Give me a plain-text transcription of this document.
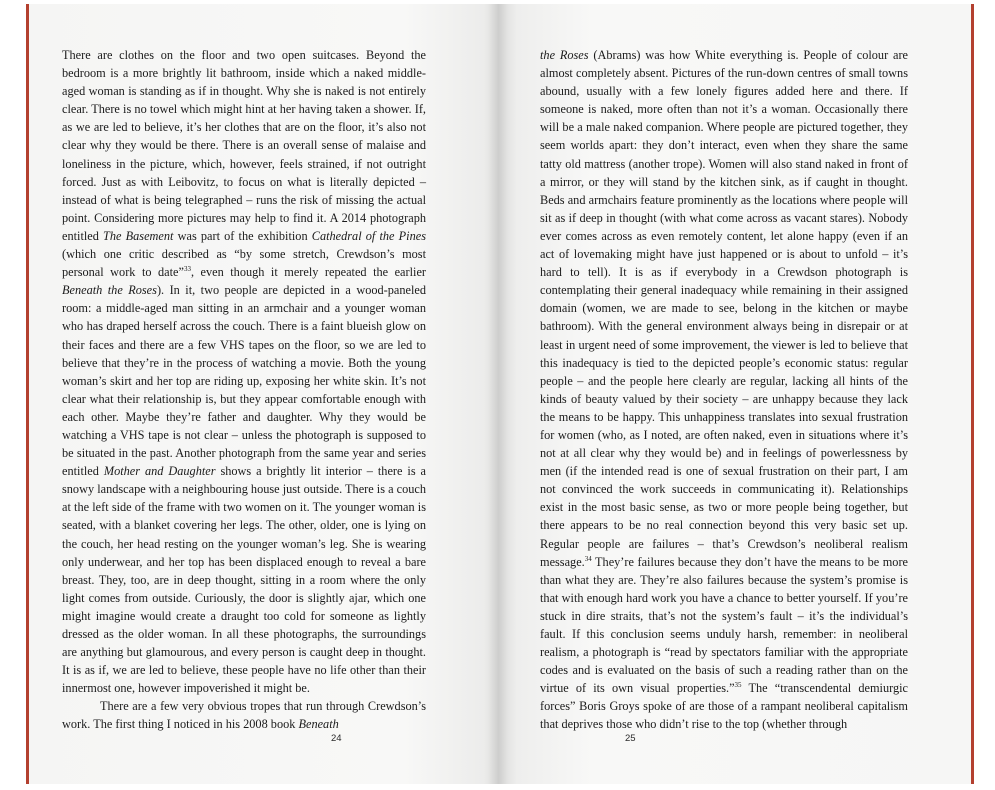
There are clothes on the floor and two open suitcases. Beyond the bedroom is a more brightly lit bathroom, inside which a naked middle-aged woman is standing as if in thought. Why she is naked is not entirely clear. There is no towel which might hint at her having taken a shower. If, as we are led to believe, it’s her clothes that are on the floor, it’s also not clear why they would be there. There is an overall sense of malaise and loneliness in the picture, which, however, feels strained, if not outright forced. Just as with Leibovitz, to focus on what is literally depicted – instead of what is being telegraphed – runs the risk of missing the actual point. Considering more pictures may help to find it. A 2014 photograph entitled The Basement was part of the exhibition Cathedral of the Pines (which one critic described as “by some stretch, Crewdson’s most personal work to date”$^{33}$, even though it merely repeated the earlier Beneath the Roses). In it, two people are depicted in a wood-paneled room: a middle-aged man sitting in an armchair and a younger woman who has draped herself across the couch. There is a faint blueish glow on their faces and there are a few VHS tapes on the floor, so we are led to believe that they’re in the process of watching a movie. Both the young woman’s skirt and her top are riding up, exposing her white skin. It’s not clear what their relationship is, but they appear comfortable enough with each other. Maybe they’re father and daughter. Why they would be watching a VHS tape is not clear – unless the photograph is supposed to be situated in the past. Another photograph from the same year and series entitled Mother and Daughter shows a brightly lit interior – there is a snowy landscape with a neighbouring house just outside. There is a couch at the left side of the frame with two women on it. The younger woman is seated, with a blanket covering her legs. The other, older, one is lying on the couch, her head resting on the younger woman’s leg. She is wearing only underwear, and her top has been displaced enough to reveal a bare breast. They, too, are in deep thought, sitting in a room where the only light comes from outside. Curiously, the door is slightly ajar, which one might imagine would create a draught too cold for someone as lightly dressed as the older woman. In all these photographs, the surroundings are anything but glamourous, and every person is caught deep in thought. It is as if, we are led to believe, these people have no life other than their innermost one, however impoverished it might be.

There are a few very obvious tropes that run through Crewdson’s work. The first thing I noticed in his 2008 book Beneath

24

the Roses (Abrams) was how White everything is. People of colour are almost completely absent. Pictures of the run-down centres of small towns abound, usually with a few lonely figures added here and there. If someone is naked, more often than not it’s a woman. Occasionally there will be a male naked companion. Where people are pictured together, they seem worlds apart: they don’t interact, even when they share the same tatty old mattress (another trope). Women will also stand naked in front of a mirror, or they will stand by the kitchen sink, as if caught in thought. Beds and armchairs feature prominently as the locations where people will sit as if deep in thought (with what come across as vacant stares). Nobody ever comes across as even remotely content, let alone happy (even if an act of lovemaking might have just happened or is about to unfold – it’s hard to tell). It is as if everybody in a Crewdson photograph is contemplating their general inadequacy while remaining in their assigned domain (women, we are made to see, belong in the kitchen or maybe bathroom). With the general environment always being in disrepair or at least in urgent need of some improvement, the viewer is led to believe that this inadequacy is tied to the depicted people’s economic status: regular people – and the people here clearly are regular, lacking all hints of the kinds of beauty valued by their society – are unhappy because they lack the means to be happy. This unhappiness translates into sexual frustration for women (who, as I noted, are often naked, even in situations where it’s not at all clear why they would be) and in feelings of powerlessness by men (if the intended read is one of sexual frustration on their part, I am not convinced the work succeeds in communicating it). Relationships exist in the most basic sense, as two or more people being together, but there appears to be no real connection beyond this very basic set up. Regular people are failures – that’s Crewdson’s neoliberal realism message.$^{34}$ They’re failures because they don’t have the means to be more than what they are. They’re also failures because the system’s promise is that with enough hard work you have a chance to better yourself. If you’re stuck in dire straits, that’s not the system’s fault – it’s the individual’s fault. If this conclusion seems unduly harsh, remember: in neoliberal realism, a photograph is “read by spectators familiar with the appropriate codes and is evaluated on the basis of such a reading rather than on the virtue of its own visual properties.”$^{35}$ The “transcendental demiurgic forces” Boris Groys spoke of are those of a rampant neoliberal capitalism that deprives those who didn’t rise to the top (whether through

25
